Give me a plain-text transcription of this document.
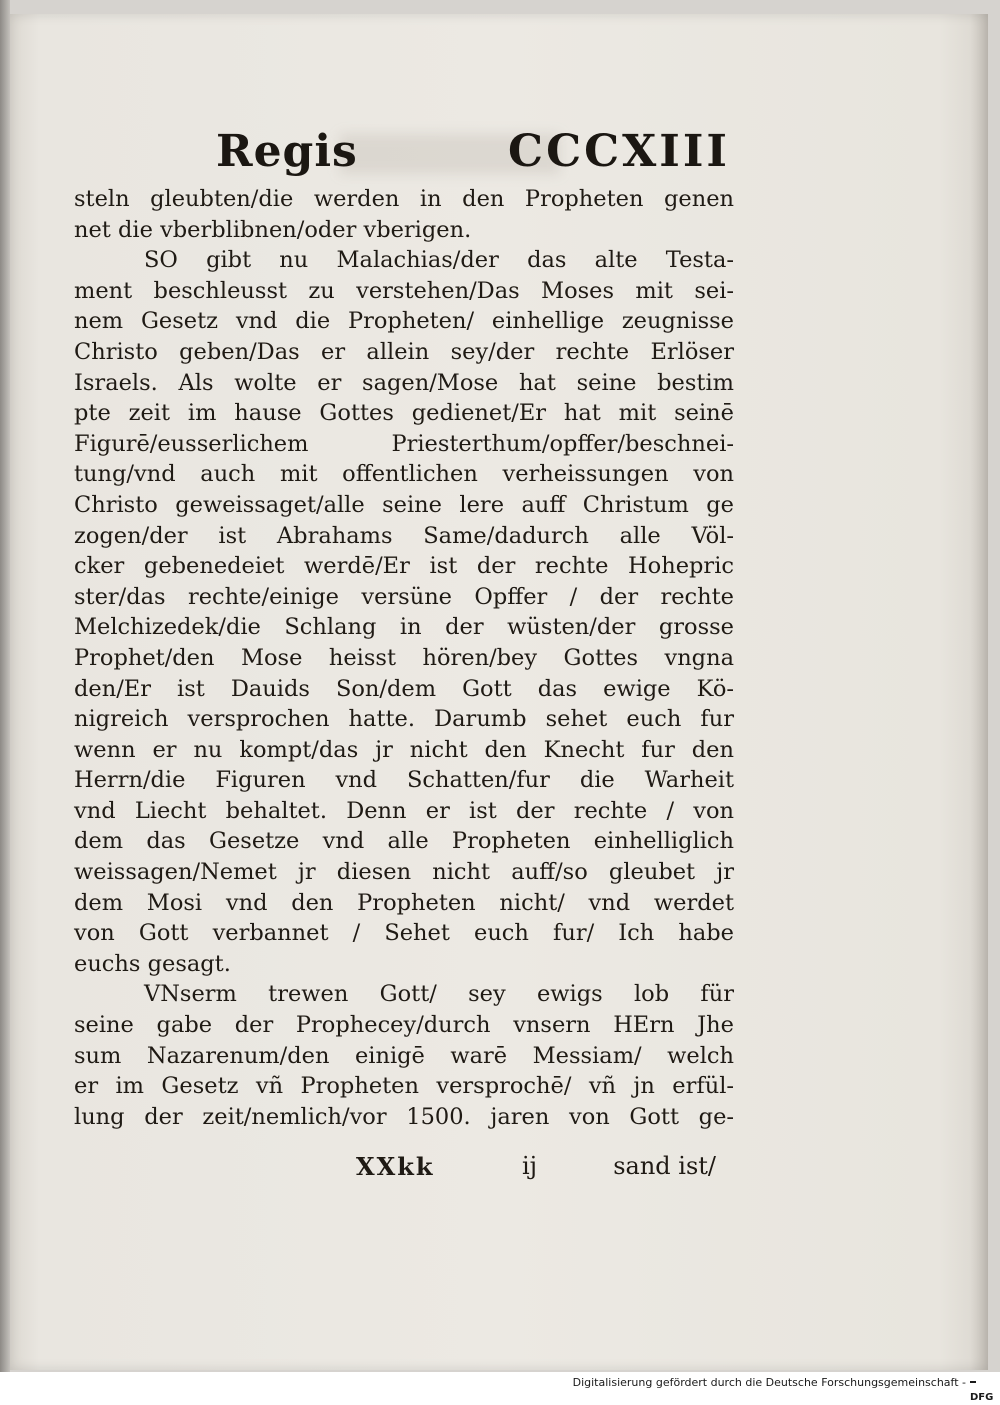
Regis	CCCXIII
steln gleubten/die werden in den Propheten genen
net die vberblibnen/oder vberigen.
SO gibt nu Malachias/der das alte Testa-
ment beschleusst zu verstehen/Das Moses mit sei-
nem Gesetz vnd die Propheten/ einhellige zeugnisse
Christo geben/Das er allein sey/der rechte Erlöser
Israels. Als wolte er sagen/Mose hat seine bestim
pte zeit im hause Gottes gedienet/Er hat mit seinē
Figurē/eusserlichem Priesterthum/opffer/beschnei-
tung/vnd auch mit offentlichen verheissungen von
Christo geweissaget/alle seine lere auff Christum ge
zogen/der ist Abrahams Same/dadurch alle Völ-
cker gebenedeiet werdē/Er ist der rechte Hohepric
ster/das rechte/einige versüne Opffer / der rechte
Melchizedek/die Schlang in der wüsten/der grosse
Prophet/den Mose heisst hören/bey Gottes vngna
den/Er ist Dauids Son/dem Gott das ewige Kö-
nigreich versprochen hatte. Darumb sehet euch fur
wenn er nu kompt/das jr nicht den Knecht fur den
Herrn/die Figuren vnd Schatten/fur die Warheit
vnd Liecht behaltet. Denn er ist der rechte / von
dem das Gesetze vnd alle Propheten einhelliglich
weissagen/Nemet jr diesen nicht auff/so gleubet jr
dem Mosi vnd den Propheten nicht/ vnd werdet
von Gott verbannet / Sehet euch fur/ Ich habe
euchs gesagt.
VNserm trewen Gott/ sey ewigs lob für
seine gabe der Prophecey/durch vnsern HErn Jhe
sum Nazarenum/den einigē warē Messiam/ welch
er im Gesetz vñ Propheten versprochē/ vñ jn erfül-
lung der zeit/nemlich/vor 1500. jaren von Gott ge-
XXkk	ij	sand ist/
Digitalisierung gefördert durch die Deutsche Forschungsgemeinschaft -
DFG
